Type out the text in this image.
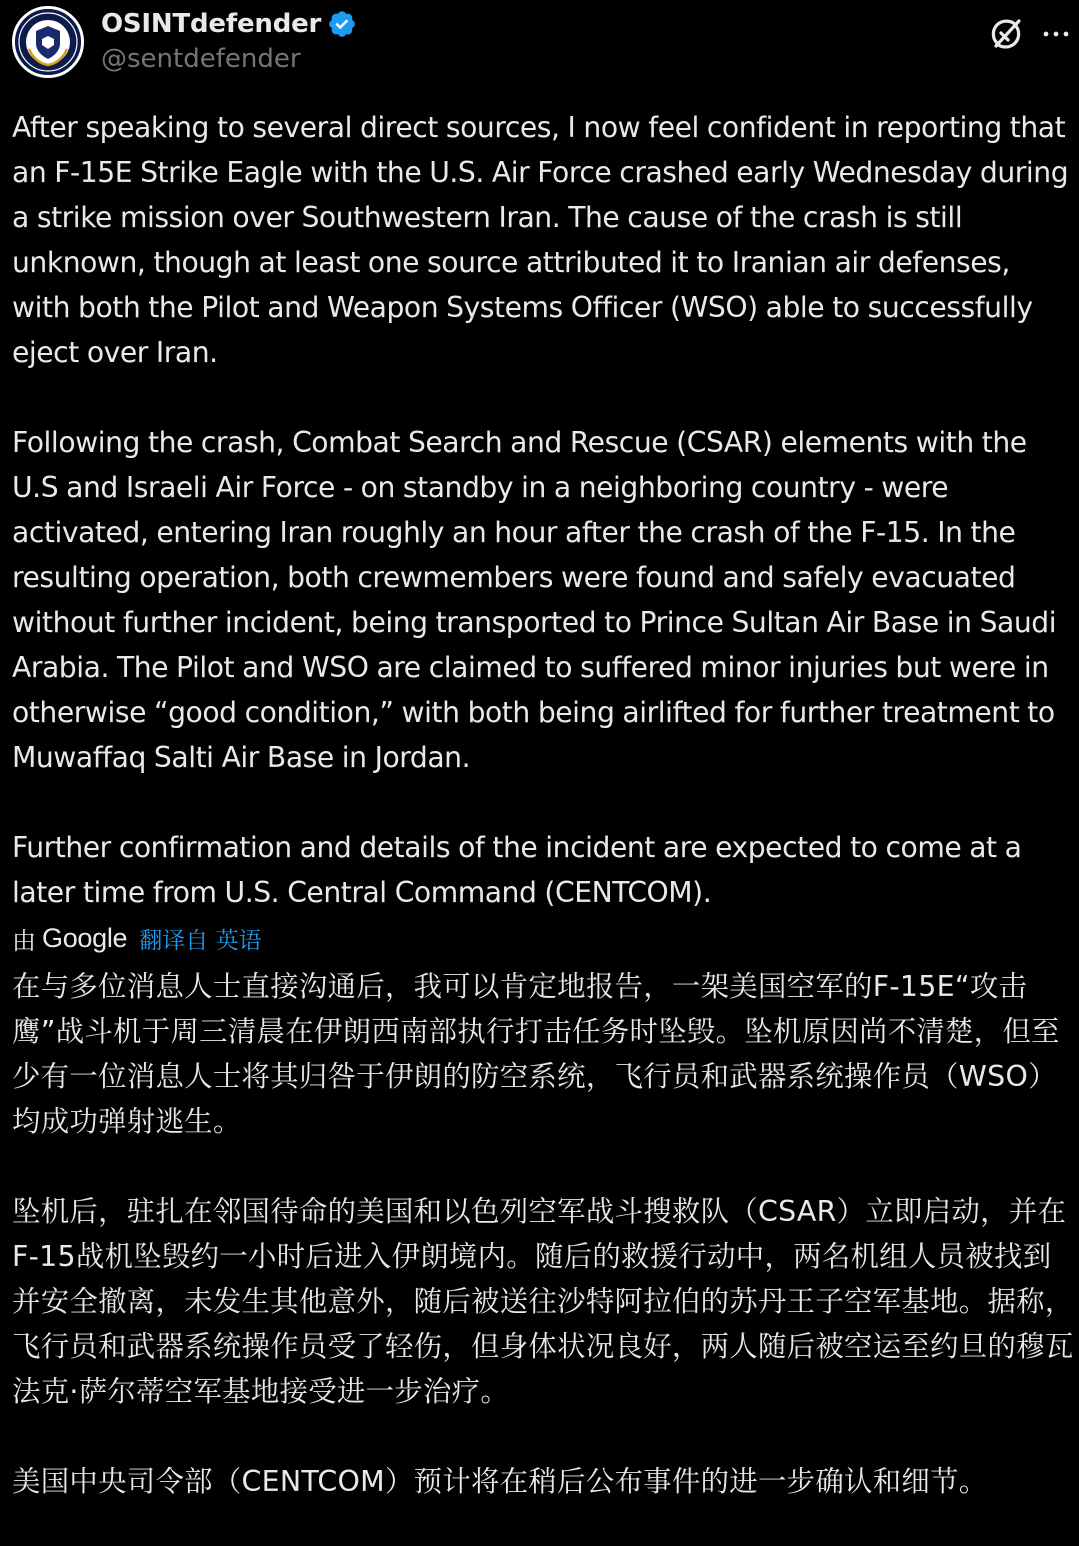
OSINTdefender
@sentdefender

After speaking to several direct sources, I now feel confident in reporting that an F-15E Strike Eagle with the U.S. Air Force crashed early Wednesday during a strike mission over Southwestern Iran. The cause of the crash is still unknown, though at least one source attributed it to Iranian air defenses, with both the Pilot and Weapon Systems Officer (WSO) able to successfully eject over Iran.

Following the crash, Combat Search and Rescue (CSAR) elements with the U.S and Israeli Air Force - on standby in a neighboring country - were activated, entering Iran roughly an hour after the crash of the F-15. In the resulting operation, both crewmembers were found and safely evacuated without further incident, being transported to Prince Sultan Air Base in Saudi Arabia. The Pilot and WSO are claimed to suffered minor injuries but were in otherwise “good condition,” with both being airlifted for further treatment to Muwaffaq Salti Air Base in Jordan.

Further confirmation and details of the incident are expected to come at a later time from U.S. Central Command (CENTCOM).

由 Google 翻译自 英语

在与多位消息人士直接沟通后，我可以肯定地报告，一架美国空军的F-15E“攻击鹰”战斗机于周三清晨在伊朗西南部执行打击任务时坠毁。坠机原因尚不清楚，但至少有一位消息人士将其归咎于伊朗的防空系统，飞行员和武器系统操作员（WSO）均成功弹射逃生。

坠机后，驻扎在邻国待命的美国和以色列空军战斗搜救队（CSAR）立即启动，并在F-15战机坠毁约一小时后进入伊朗境内。随后的救援行动中，两名机组人员被找到并安全撤离，未发生其他意外，随后被送往沙特阿拉伯的苏丹王子空军基地。据称，飞行员和武器系统操作员受了轻伤，但身体状况良好，两人随后被空运至约旦的穆瓦法克·萨尔蒂空军基地接受进一步治疗。

美国中央司令部（CENTCOM）预计将在稍后公布事件的进一步确认和细节。
